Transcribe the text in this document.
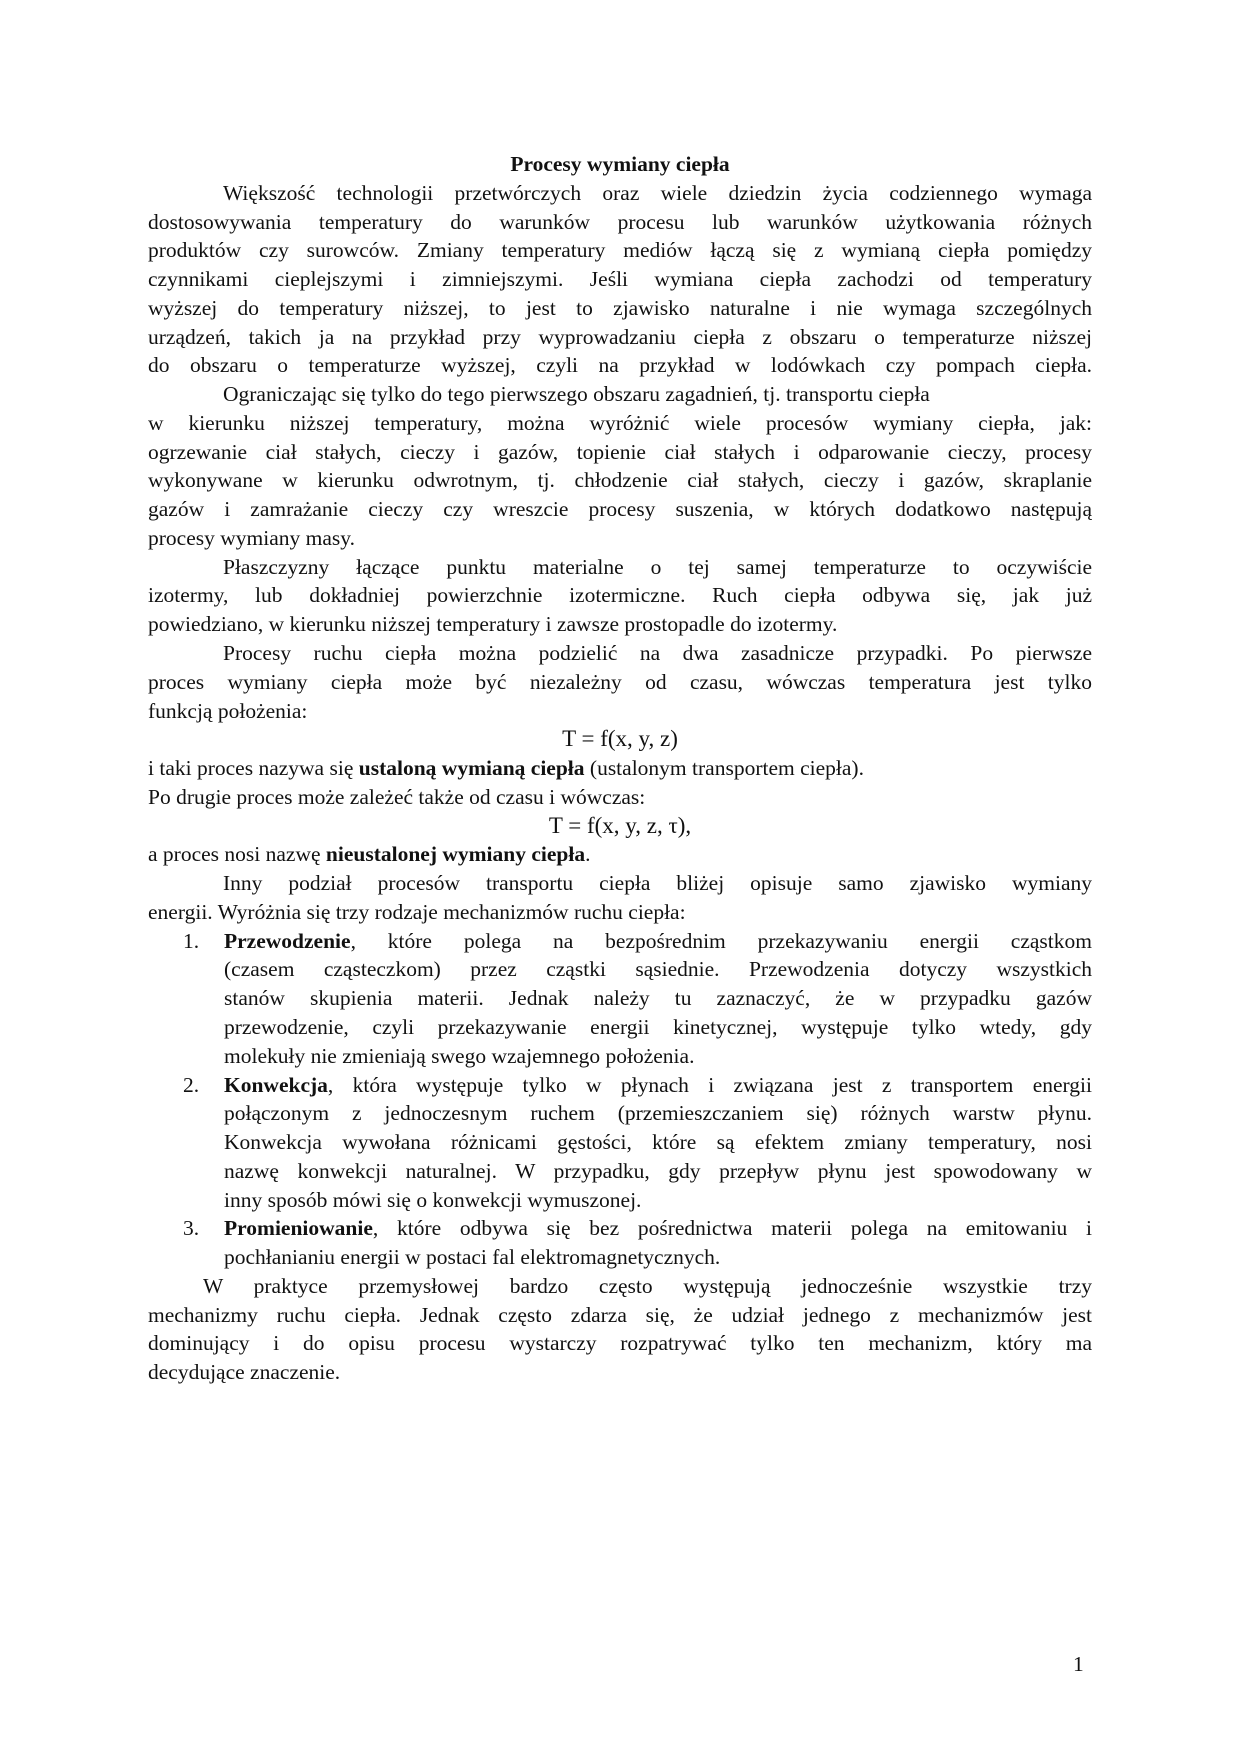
Procesy wymiany ciepła
Większość technologii przetwórczych oraz wiele dziedzin życia codziennego wymaga
dostosowywania temperatury do warunków procesu lub warunków użytkowania różnych
produktów czy surowców. Zmiany temperatury mediów łączą się z wymianą ciepła pomiędzy
czynnikami cieplejszymi i zimniejszymi. Jeśli wymiana ciepła zachodzi od temperatury
wyższej do temperatury niższej, to jest to zjawisko naturalne i nie wymaga szczególnych
urządzeń, takich ja na przykład przy wyprowadzaniu ciepła z obszaru o temperaturze niższej
do obszaru o temperaturze wyższej, czyli na przykład w lodówkach czy pompach ciepła.
Ograniczając się tylko do tego pierwszego obszaru zagadnień, tj. transportu ciepła
w kierunku niższej temperatury, można wyróżnić wiele procesów wymiany ciepła, jak:
ogrzewanie ciał stałych, cieczy i gazów, topienie ciał stałych i odparowanie cieczy, procesy
wykonywane w kierunku odwrotnym, tj. chłodzenie ciał stałych, cieczy i gazów, skraplanie
gazów i zamrażanie cieczy czy wreszcie procesy suszenia, w których dodatkowo następują
procesy wymiany masy.
Płaszczyzny łączące punktu materialne o tej samej temperaturze to oczywiście
izotermy, lub dokładniej powierzchnie izotermiczne. Ruch ciepła odbywa się, jak już
powiedziano, w kierunku niższej temperatury i zawsze prostopadle do izotermy.
Procesy ruchu ciepła można podzielić na dwa zasadnicze przypadki. Po pierwsze
proces wymiany ciepła może być niezależny od czasu, wówczas temperatura jest tylko
funkcją położenia:
T = f(x, y, z)
i taki proces nazywa się ustaloną wymianą ciepła (ustalonym transportem ciepła).
Po drugie proces może zależeć także od czasu i wówczas:
T = f(x, y, z, τ),
a proces nosi nazwę nieustalonej wymiany ciepła.
Inny podział procesów transportu ciepła bliżej opisuje samo zjawisko wymiany
energii. Wyróżnia się trzy rodzaje mechanizmów ruchu ciepła:
1. Przewodzenie, które polega na bezpośrednim przekazywaniu energii cząstkom
(czasem cząsteczkom) przez cząstki sąsiednie. Przewodzenia dotyczy wszystkich
stanów skupienia materii. Jednak należy tu zaznaczyć, że w przypadku gazów
przewodzenie, czyli przekazywanie energii kinetycznej, występuje tylko wtedy, gdy
molekuły nie zmieniają swego wzajemnego położenia.
2. Konwekcja, która występuje tylko w płynach i związana jest z transportem energii
połączonym z jednoczesnym ruchem (przemieszczaniem się) różnych warstw płynu.
Konwekcja wywołana różnicami gęstości, które są efektem zmiany temperatury, nosi
nazwę konwekcji naturalnej. W przypadku, gdy przepływ płynu jest spowodowany w
inny sposób mówi się o konwekcji wymuszonej.
3. Promieniowanie, które odbywa się bez pośrednictwa materii polega na emitowaniu i
pochłanianiu energii w postaci fal elektromagnetycznych.
W praktyce przemysłowej bardzo często występują jednocześnie wszystkie trzy
mechanizmy ruchu ciepła. Jednak często zdarza się, że udział jednego z mechanizmów jest
dominujący i do opisu procesu wystarczy rozpatrywać tylko ten mechanizm, który ma
decydujące znaczenie.
1
